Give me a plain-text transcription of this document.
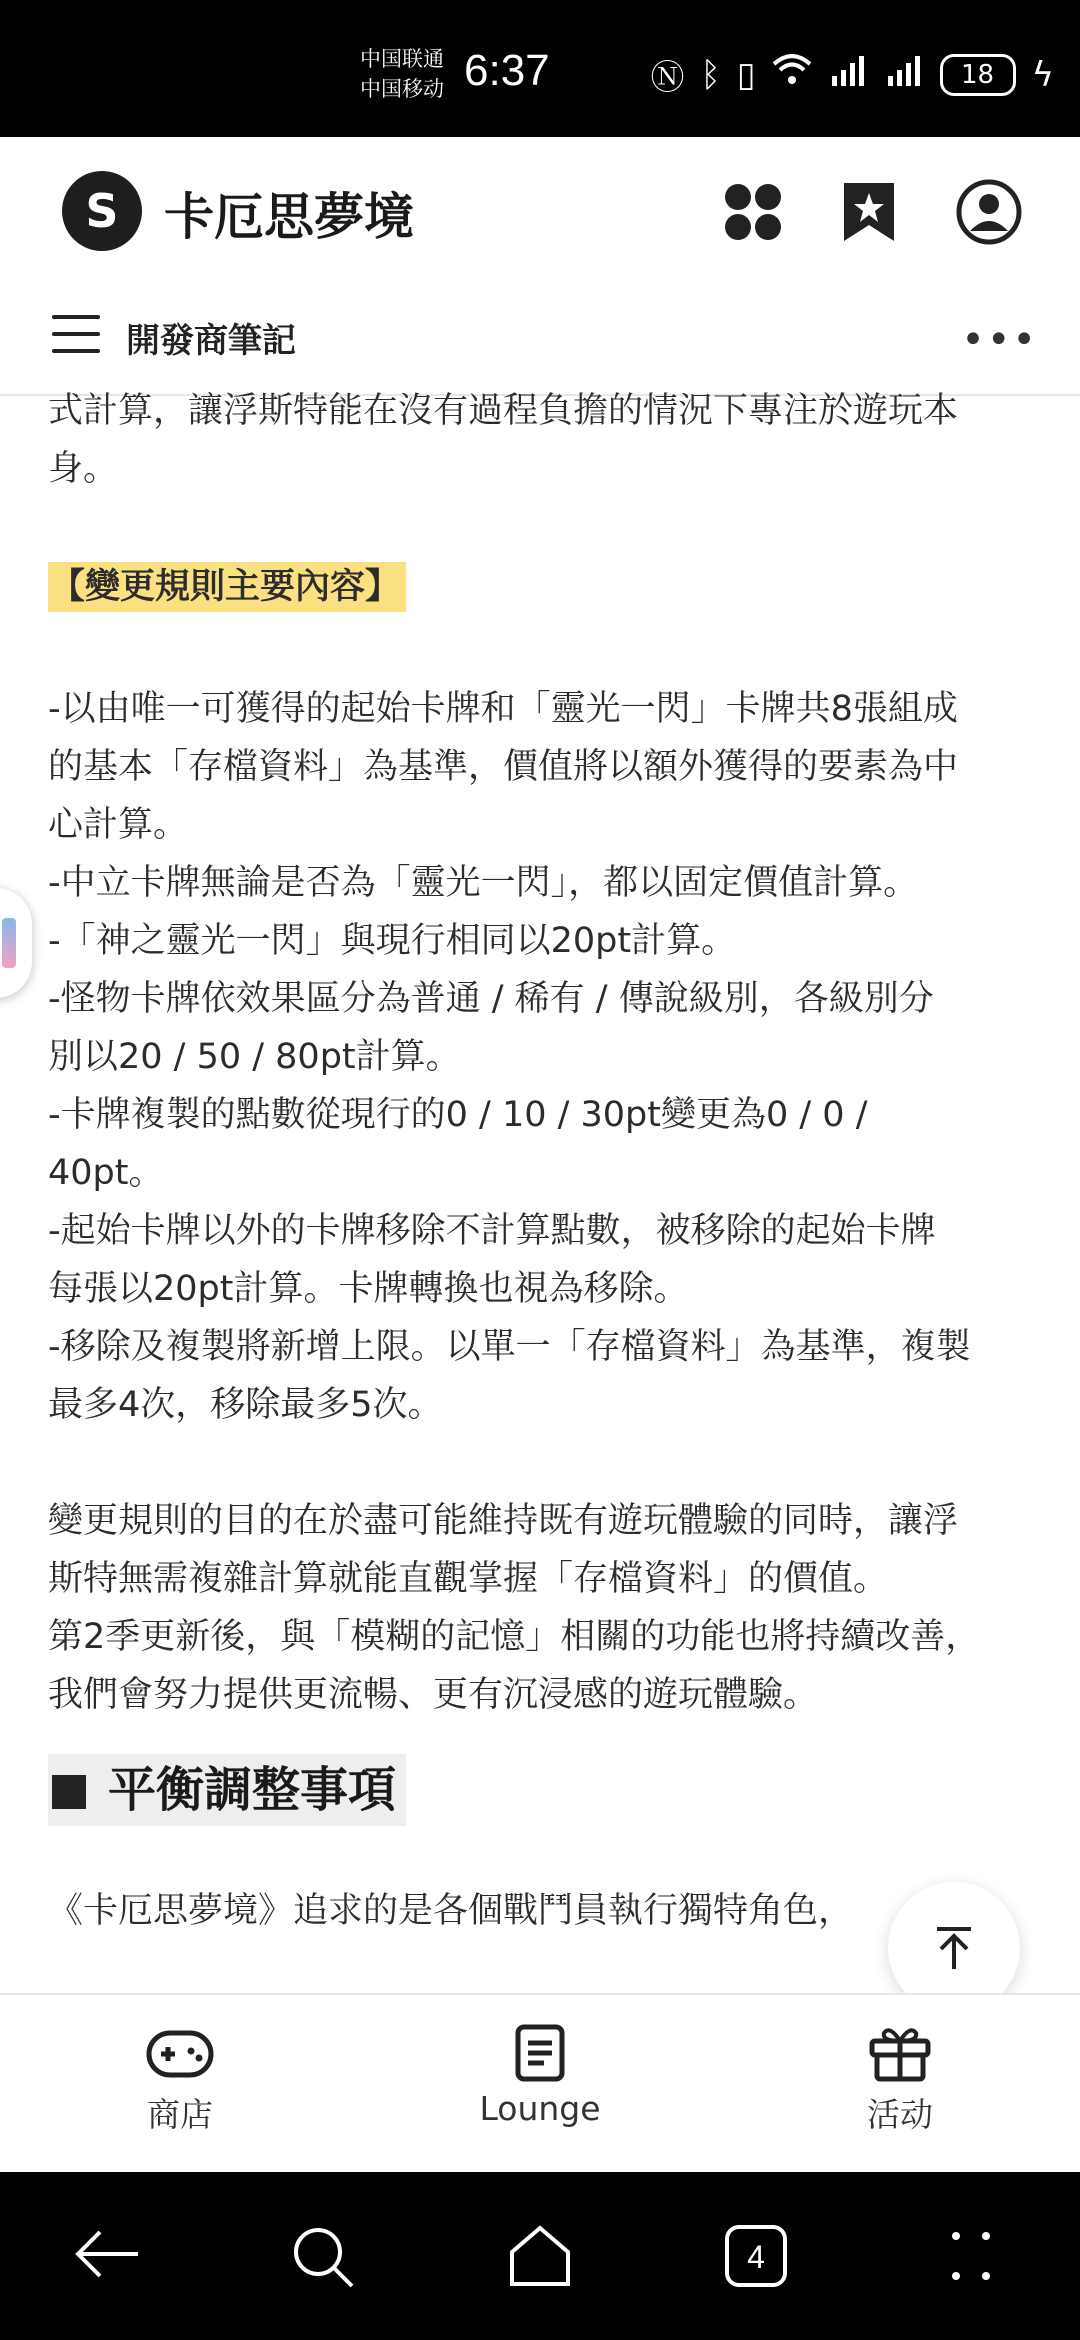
中国联通
中国移动 6:37	Ⓝ ᛒ ▯	18 ϟ
S 卡厄思夢境
開發商筆記	•••

式計算，讓浮斯特能在沒有過程負擔的情況下專注於遊玩本

身。

【變更規則主要內容】

-以由唯一可獲得的起始卡牌和「靈光一閃」卡牌共8張組成

的基本「存檔資料」為基準，價值將以額外獲得的要素為中

心計算。

-中立卡牌無論是否為「靈光一閃」，都以固定價值計算。

-「神之靈光一閃」與現行相同以20pt計算。

-怪物卡牌依效果區分為普通 / 稀有 / 傳說級別，各級別分

別以20 / 50 / 80pt計算。

-卡牌複製的點數從現行的0 / 10 / 30pt變更為0 / 0 /

40pt。

-起始卡牌以外的卡牌移除不計算點數，被移除的起始卡牌

每張以20pt計算。卡牌轉換也視為移除。

-移除及複製將新增上限。以單一「存檔資料」為基準，複製

最多4次，移除最多5次。

變更規則的目的在於盡可能維持既有遊玩體驗的同時，讓浮

斯特無需複雜計算就能直觀掌握「存檔資料」的價值。

第2季更新後，與「模糊的記憶」相關的功能也將持續改善，

我們會努力提供更流暢、更有沉浸感的遊玩體驗。

平衡調整事項

《卡厄思夢境》追求的是各個戰鬥員執行獨特角色，

商店	Lounge	活动
4
